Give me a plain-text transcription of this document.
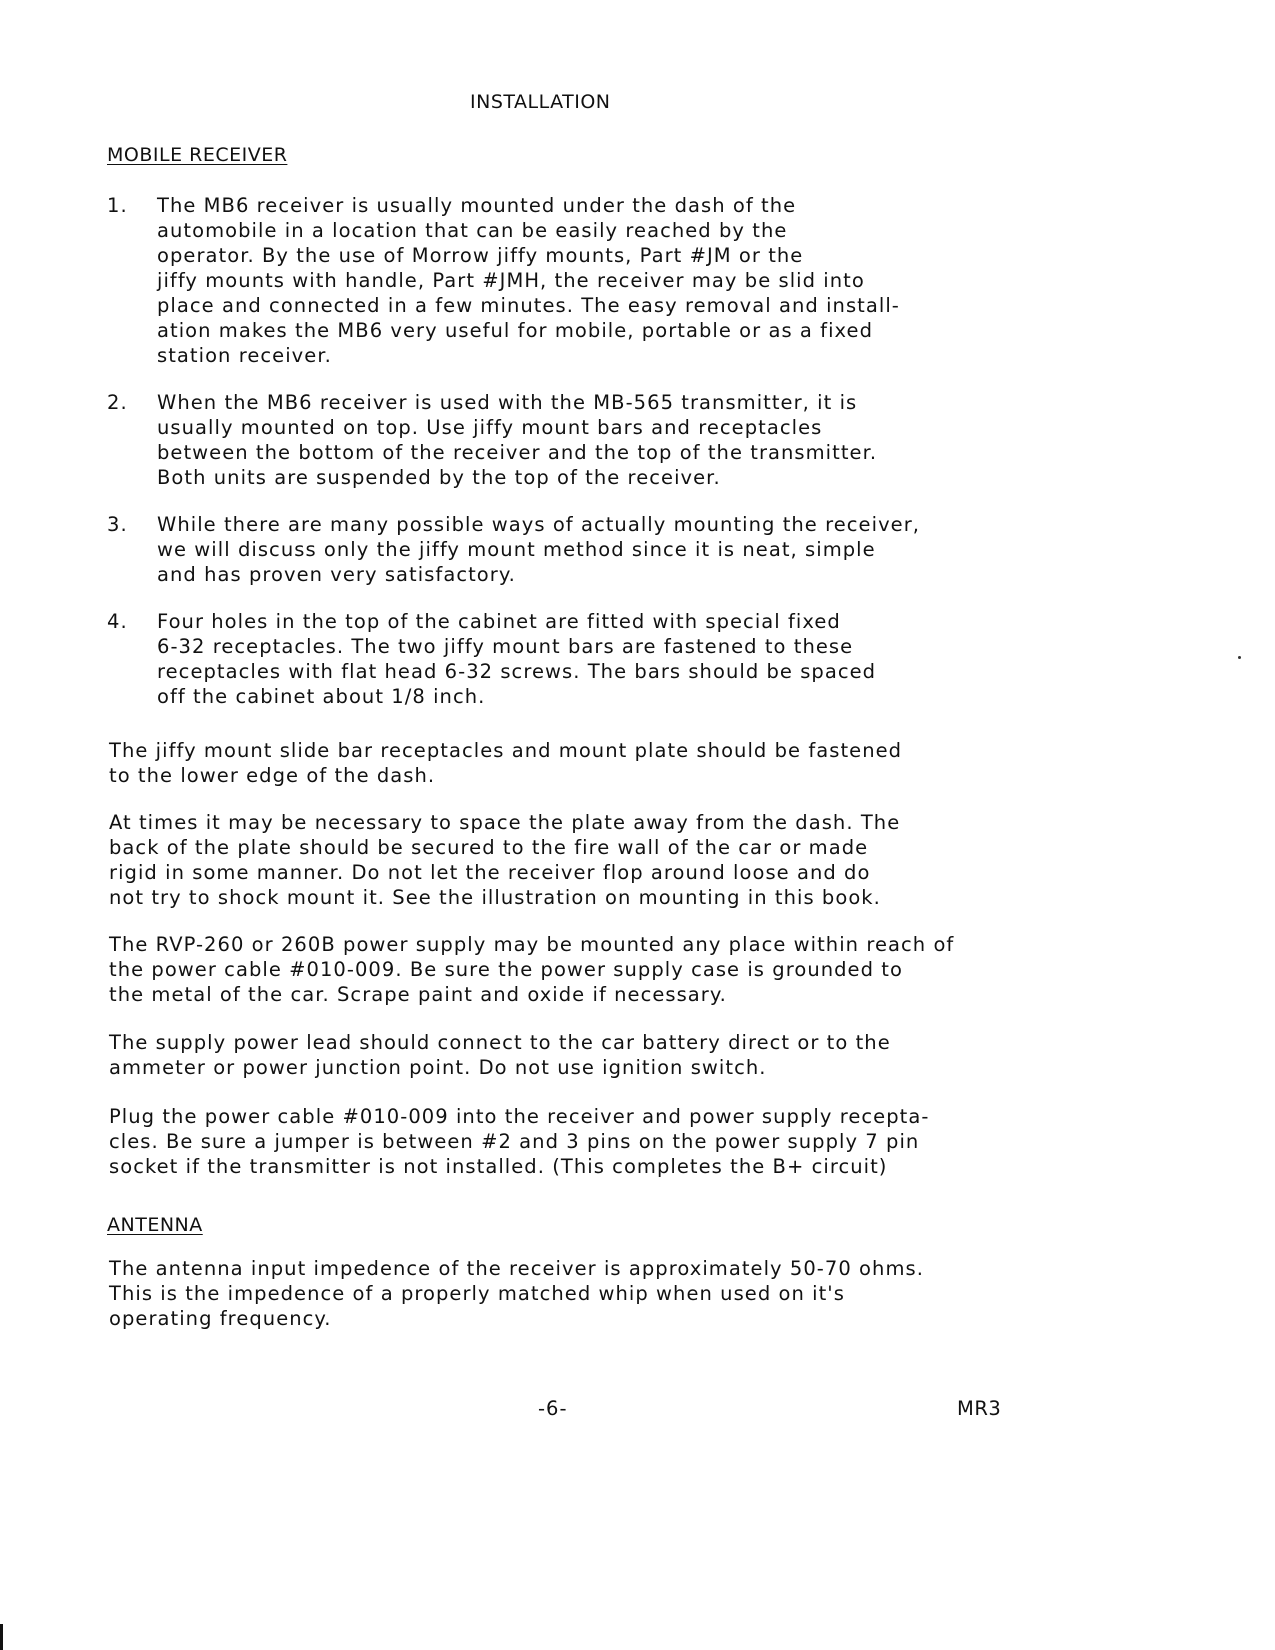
INSTALLATION
MOBILE RECEIVER
1. The MB6 receiver is usually mounted under the dash of the
automobile in a location that can be easily reached by the
operator. By the use of Morrow jiffy mounts, Part #JM or the
jiffy mounts with handle, Part #JMH, the receiver may be slid into
place and connected in a few minutes. The easy removal and install-
ation makes the MB6 very useful for mobile, portable or as a fixed
station receiver.
2. When the MB6 receiver is used with the MB-565 transmitter, it is
usually mounted on top. Use jiffy mount bars and receptacles
between the bottom of the receiver and the top of the transmitter.
Both units are suspended by the top of the receiver.
3. While there are many possible ways of actually mounting the receiver,
we will discuss only the jiffy mount method since it is neat, simple
and has proven very satisfactory.
4. Four holes in the top of the cabinet are fitted with special fixed
6-32 receptacles. The two jiffy mount bars are fastened to these
receptacles with flat head 6-32 screws. The bars should be spaced
off the cabinet about 1/8 inch.
The jiffy mount slide bar receptacles and mount plate should be fastened
to the lower edge of the dash.
At times it may be necessary to space the plate away from the dash. The
back of the plate should be secured to the fire wall of the car or made
rigid in some manner. Do not let the receiver flop around loose and do
not try to shock mount it. See the illustration on mounting in this book.
The RVP-260 or 260B power supply may be mounted any place within reach of
the power cable #010-009. Be sure the power supply case is grounded to
the metal of the car. Scrape paint and oxide if necessary.
The supply power lead should connect to the car battery direct or to the
ammeter or power junction point. Do not use ignition switch.
Plug the power cable #010-009 into the receiver and power supply recepta-
cles. Be sure a jumper is between #2 and 3 pins on the power supply 7 pin
socket if the transmitter is not installed. (This completes the B+ circuit)
ANTENNA
The antenna input impedence of the receiver is approximately 50-70 ohms.
This is the impedence of a properly matched whip when used on it's
operating frequency.
-6-	MR3
